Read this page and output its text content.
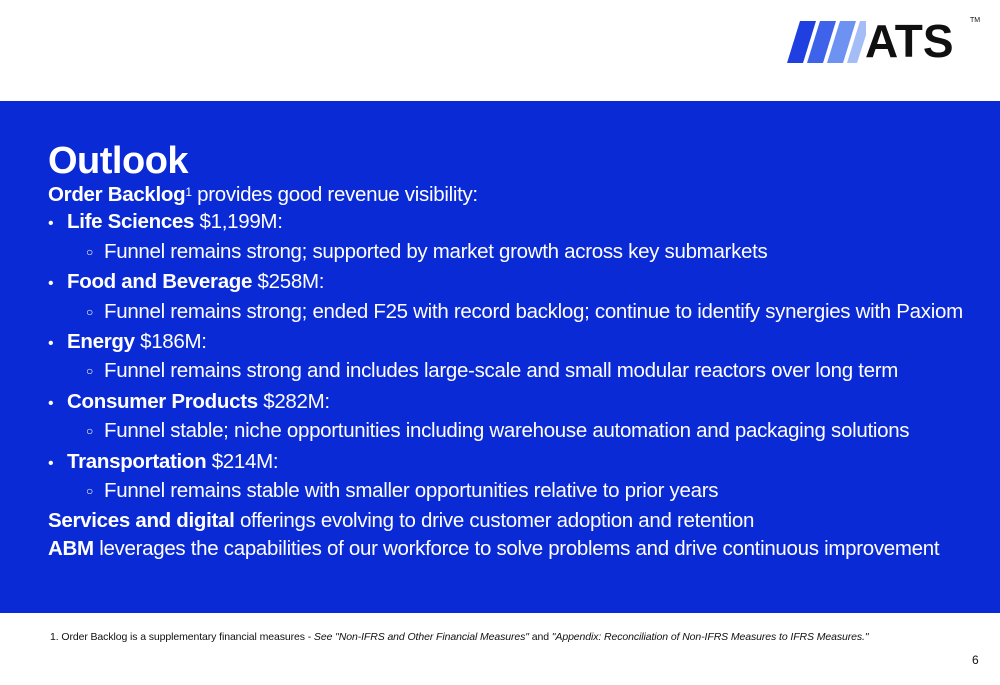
ATS TM
Outlook
Order Backlog$^1$ provides good revenue visibility:
• Life Sciences $1,199M:
○ Funnel remains strong; supported by market growth across key submarkets
• Food and Beverage $258M:
○ Funnel remains strong; ended F25 with record backlog; continue to identify synergies with Paxiom
• Energy $186M:
○ Funnel remains strong and includes large-scale and small modular reactors over long term
• Consumer Products $282M:
○ Funnel stable; niche opportunities including warehouse automation and packaging solutions
• Transportation $214M:
○ Funnel remains stable with smaller opportunities relative to prior years
Services and digital offerings evolving to drive customer adoption and retention
ABM leverages the capabilities of our workforce to solve problems and drive continuous improvement
1. Order Backlog is a supplementary financial measures - See "Non-IFRS and Other Financial Measures" and "Appendix: Reconciliation of Non-IFRS Measures to IFRS Measures."
6
